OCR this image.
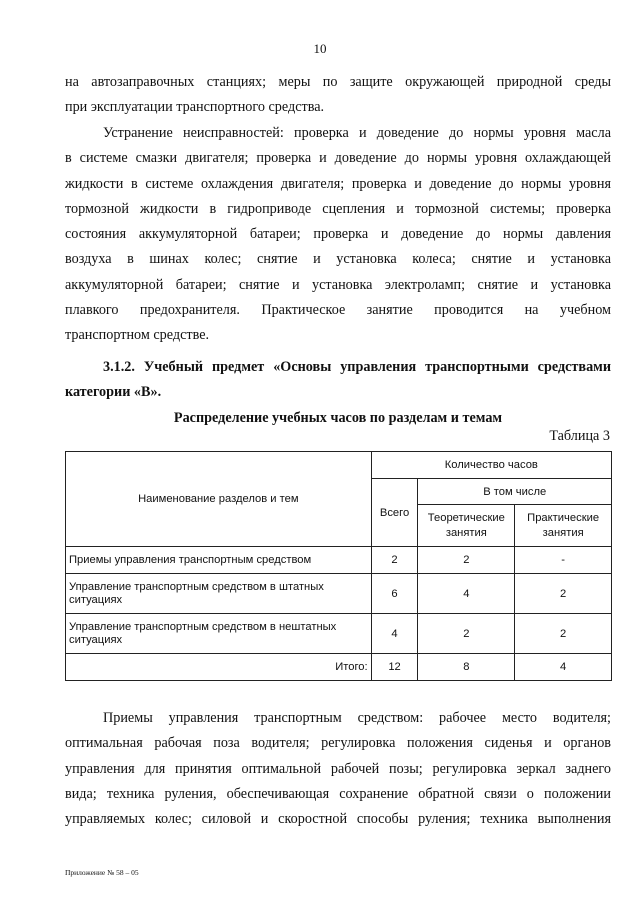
10
на автозаправочных станциях; меры по защите окружающей природной среды
при эксплуатации транспортного средства.
Устранение неисправностей: проверка и доведение до нормы уровня масла
в системе смазки двигателя; проверка и доведение до нормы уровня охлаждающей
жидкости в системе охлаждения двигателя; проверка и доведение до нормы уровня
тормозной жидкости в гидроприводе сцепления и тормозной системы; проверка
состояния аккумуляторной батареи; проверка и доведение до нормы давления
воздуха в шинах колес; снятие и установка колеса; снятие и установка
аккумуляторной батареи; снятие и установка электроламп; снятие и установка
плавкого предохранителя. Практическое занятие проводится на учебном
транспортном средстве.
3.1.2. Учебный предмет «Основы управления транспортными средствами
категории «В».
Распределение учебных часов по разделам и темам
Таблица 3
Наименование разделов и тем	Количество часов		
	Всего	В том числе	
		Теоретические занятия	Практические занятия
Приемы управления транспортным средством	2	2	-
Управление транспортным средством в штатных ситуациях	6	4	2
Управление транспортным средством в нештатных ситуациях	4	2	2
Итого:	12	8	4
Приемы управления транспортным средством: рабочее место водителя;
оптимальная рабочая поза водителя; регулировка положения сиденья и органов
управления для принятия оптимальной рабочей позы; регулировка зеркал заднего
вида; техника руления, обеспечивающая сохранение обратной связи о положении
управляемых колес; силовой и скоростной способы руления; техника выполнения
Приложение № 58 – 05
